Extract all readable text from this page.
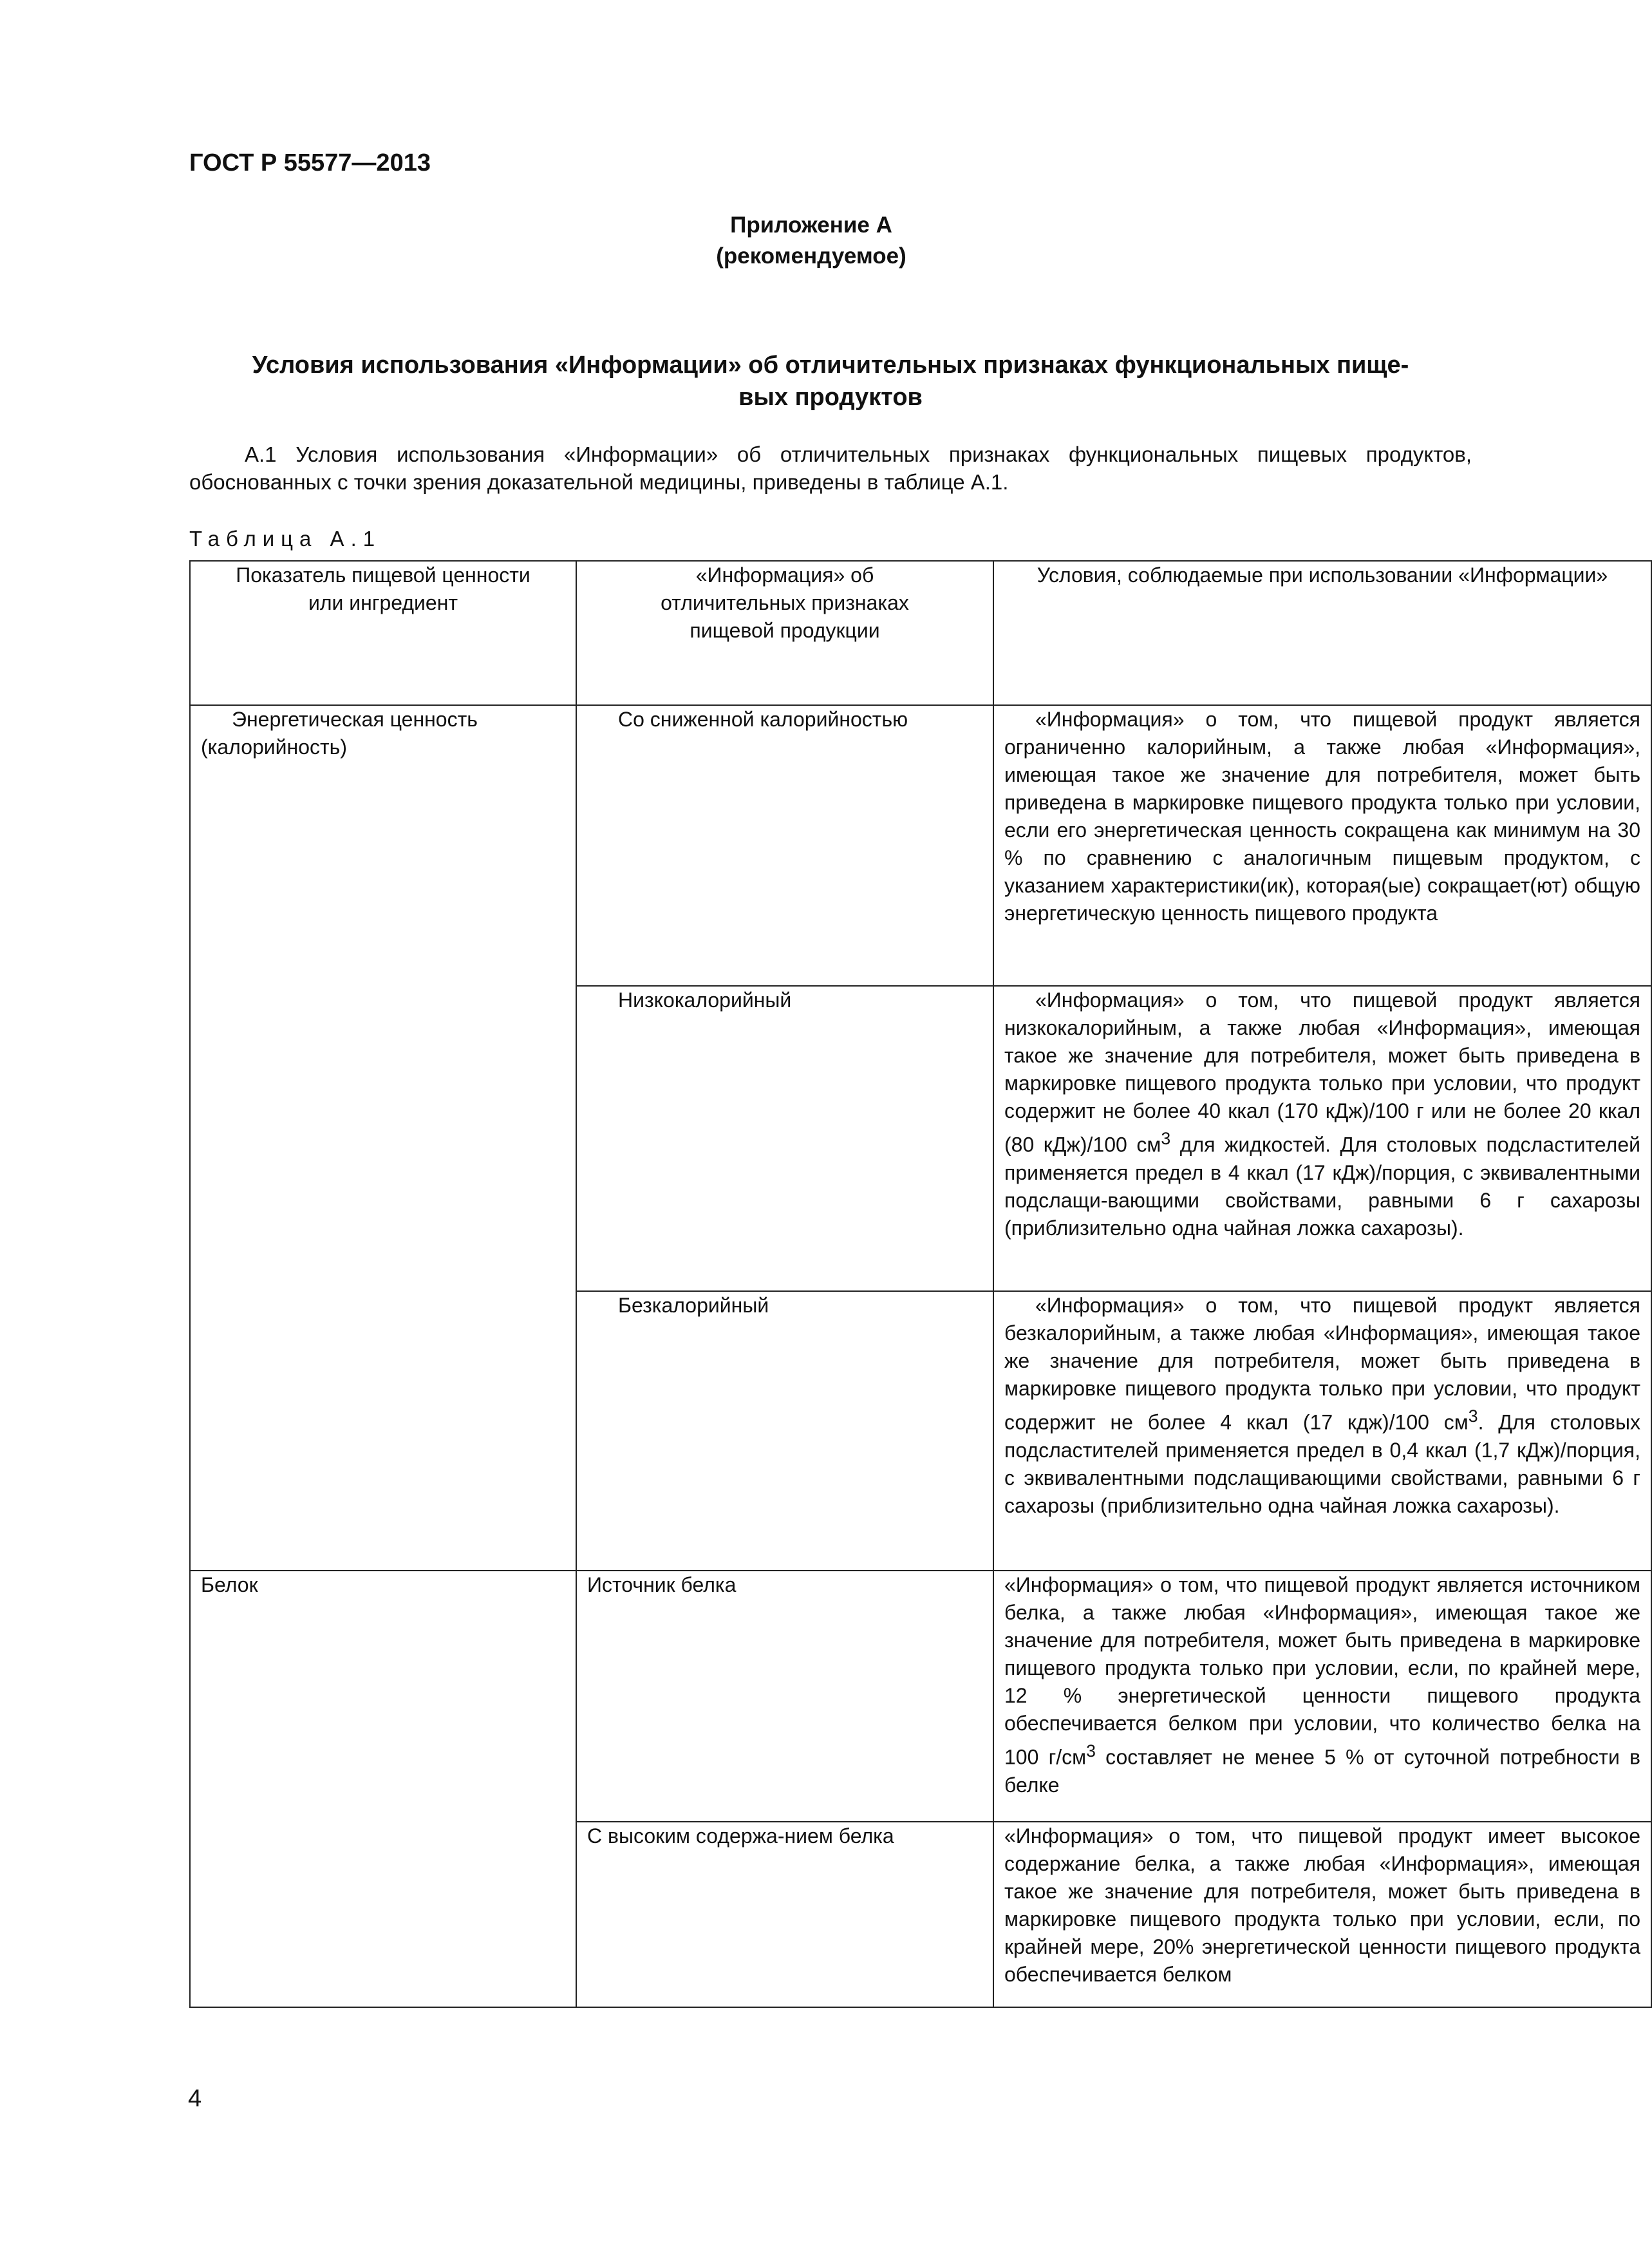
ГОСТ Р 55577—2013
Приложение А
(рекомендуемое)
Условия использования «Информации» об отличительных признаках функциональных пище-
вых продуктов
А.1 Условия использования «Информации» об отличительных признаках функциональных пищевых продуктов, обоснованных с точки зрения доказательной медицины, приведены в таблице А.1.
Таблица А.1
Показатель пищевой ценности или ингредиент	«Информация» об отличительных признаках пищевой продукции	Условия, соблюдаемые при использовании «Информации»

Энергетическая ценность (калорийность)	Со сниженной калорийностью	«Информация» о том, что пищевой продукт является ограниченно калорийным, а также любая «Информация», имеющая такое же значение для потребителя, может быть приведена в маркировке пищевого продукта только при условии, если его энергетическая ценность сокращена как минимум на 30 % по сравнению с аналогичным пищевым продуктом, с указанием характеристики(ик), которая(ые) сокращает(ют) общую энергетическую ценность пищевого продукта

	Низкокалорийный	«Информация» о том, что пищевой продукт является низкокалорийным, а также любая «Информация», имеющая такое же значение для потребителя, может быть приведена в маркировке пищевого продукта только при условии, что продукт содержит не более 40 ккал (170 кДж)/100 г или не более 20 ккал (80 кДж)/100 $см^3$ для жидкостей. Для столовых подсластителей применяется предел в 4 ккал (17 кДж)/порция, с эквивалентными подслащи-вающими свойствами, равными 6 г сахарозы (приблизительно одна чайная ложка сахарозы).

	Безкалорийный	«Информация» о том, что пищевой продукт является безкалорийным, а также любая «Информация», имеющая такое же значение для потребителя, может быть приведена в маркировке пищевого продукта только при условии, что продукт содержит не более 4 ккал (17 кдж)/100 $см^3$. Для столовых подсластителей применяется предел в 0,4 ккал (1,7 кДж)/порция, с эквивалентными подслащивающими свойствами, равными 6 г сахарозы (приблизительно одна чайная ложка сахарозы).

Белок	Источник белка	«Информация» о том, что пищевой продукт является источником белка, а также любая «Информация», имеющая такое же значение для потребителя, может быть приведена в маркировке пищевого продукта только при условии, если, по крайней мере, 12 % энергетической ценности пищевого продукта обеспечивается белком при условии, что количество белка на 100 $г/см^3$ составляет не менее 5 % от суточной потребности в белке
	С высоким содержа-нием белка	«Информация» о том, что пищевой продукт имеет высокое содержание белка, а также любая «Информация», имеющая такое же значение для потребителя, может быть приведена в маркировке пищевого продукта только при условии, если, по крайней мере, 20% энергетической ценности пищевого продукта обеспечивается белком
4
